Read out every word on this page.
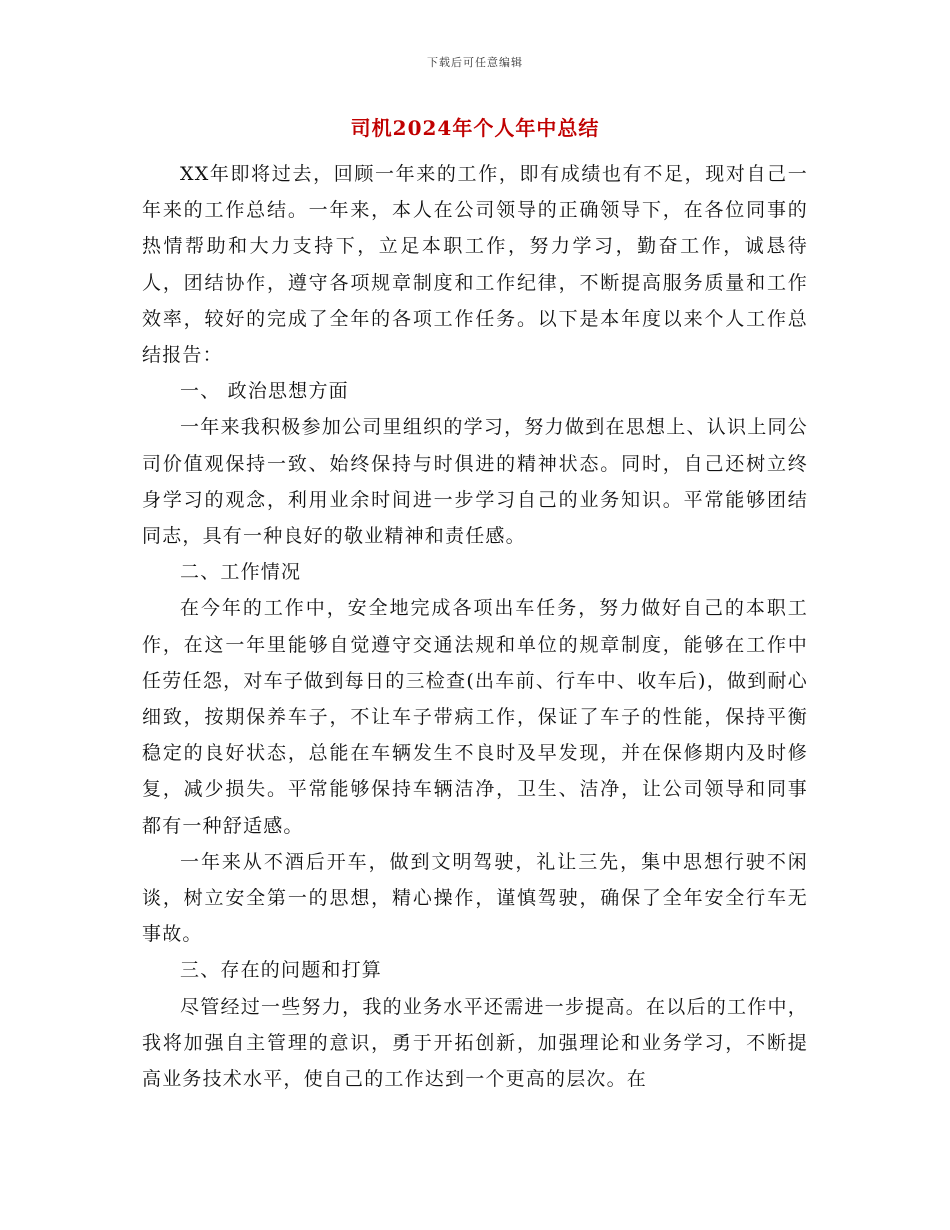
下载后可任意编辑
司机2024年个人年中总结

XX年即将过去，回顾一年来的工作，即有成绩也有不足，现对自己一年来的工作总结。一年来，本人在公司领导的正确领导下，在各位同事的热情帮助和大力支持下，立足本职工作，努力学习，勤奋工作，诚恳待人，团结协作，遵守各项规章制度和工作纪律，不断提高服务质量和工作效率，较好的完成了全年的各项工作任务。以下是本年度以来个人工作总结报告：

一、 政治思想方面

一年来我积极参加公司里组织的学习，努力做到在思想上、认识上同公司价值观保持一致、始终保持与时俱进的精神状态。同时，自己还树立终身学习的观念，利用业余时间进一步学习自己的业务知识。平常能够团结同志，具有一种良好的敬业精神和责任感。

二、工作情况

在今年的工作中，安全地完成各项出车任务，努力做好自己的本职工作，在这一年里能够自觉遵守交通法规和单位的规章制度，能够在工作中任劳任怨，对车子做到每日的三检查(出车前、行车中、收车后)，做到耐心细致，按期保养车子，不让车子带病工作，保证了车子的性能，保持平衡稳定的良好状态，总能在车辆发生不良时及早发现，并在保修期内及时修复，减少损失。平常能够保持车辆洁净，卫生、洁净，让公司领导和同事都有一种舒适感。

一年来从不酒后开车，做到文明驾驶，礼让三先，集中思想行驶不闲谈，树立安全第一的思想，精心操作，谨慎驾驶，确保了全年安全行车无事故。

三、存在的问题和打算

尽管经过一些努力，我的业务水平还需进一步提高。在以后的工作中，我将加强自主管理的意识，勇于开拓创新，加强理论和业务学习，不断提高业务技术水平，使自己的工作达到一个更高的层次。在
